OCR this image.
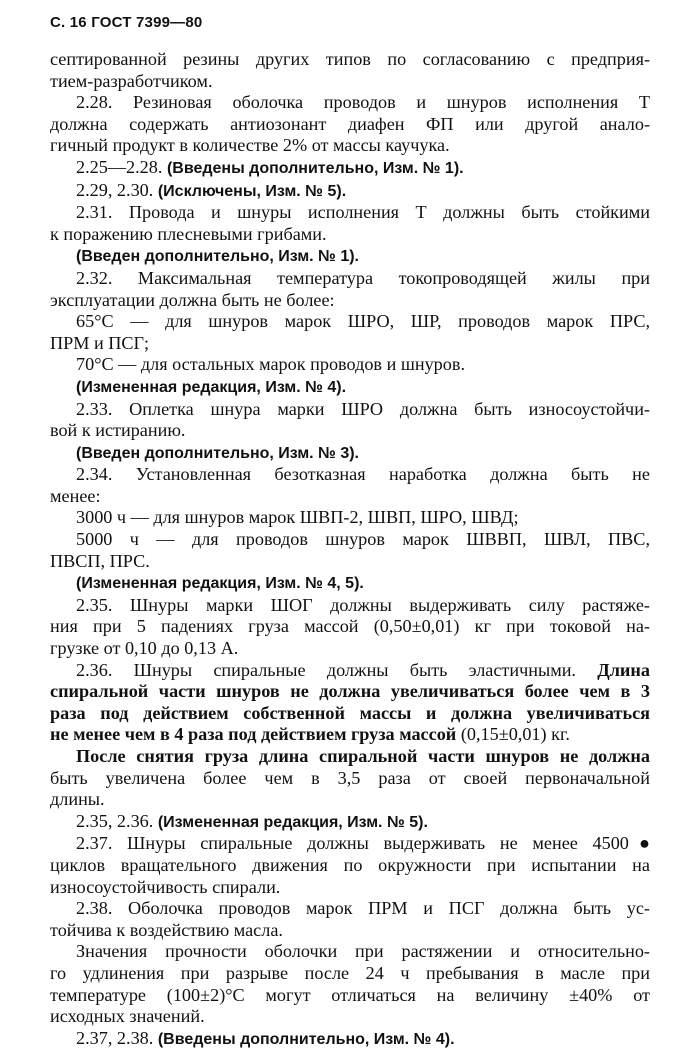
С. 16 ГОСТ 7399—80

септированной резины других типов по согласованию с предприя-

тием-разработчиком.

2.28. Резиновая оболочка проводов и шнуров исполнения Т

должна содержать антиозонант диафен ФП или другой анало-

гичный продукт в количестве 2% от массы каучука.

2.25—2.28. (Введены дополнительно, Изм. № 1).

2.29, 2.30. (Исключены, Изм. № 5).

2.31. Провода и шнуры исполнения Т должны быть стойкими

к поражению плесневыми грибами.

(Введен дополнительно, Изм. № 1).

2.32. Максимальная температура токопроводящей жилы при

эксплуатации должна быть не более:

65°С — для шнуров марок ШРО, ШР, проводов марок ПРС,

ПРМ и ПСГ;

70°С — для остальных марок проводов и шнуров.

(Измененная редакция, Изм. № 4).

2.33. Оплетка шнура марки ШРО должна быть износоустойчи-

вой к истиранию.

(Введен дополнительно, Изм. № 3).

2.34. Установленная безотказная наработка должна быть не

менее:

3000 ч — для шнуров марок ШВП-2, ШВП, ШРО, ШВД;

5000 ч — для проводов шнуров марок ШВВП, ШВЛ, ПВС,

ПВСП, ПРС.

(Измененная редакция, Изм. № 4, 5).

2.35. Шнуры марки ШОГ должны выдерживать силу растяже-

ния при 5 падениях груза массой (0,50±0,01) кг при токовой на-

грузке от 0,10 до 0,13 А.

2.36. Шнуры спиральные должны быть эластичными. Длина

спиральной части шнуров не должна увеличиваться более чем в 3

раза под действием собственной массы и должна увеличиваться

не менее чем в 4 раза под действием груза массой (0,15±0,01) кг.

После снятия груза длина спиральной части шнуров не должна

быть увеличена более чем в 3,5 раза от своей первоначальной

длины.

2.35, 2.36. (Измененная редакция, Изм. № 5).

2.37. Шнуры спиральные должны выдерживать не менее 4500●

циклов вращательного движения по окружности при испытании на

износоустойчивость спирали.

2.38. Оболочка проводов марок ПРМ и ПСГ должна быть ус-

тойчива к воздействию масла.

Значения прочности оболочки при растяжении и относительно-

го удлинения при разрыве после 24 ч пребывания в масле при

температуре (100±2)°С могут отличаться на величину ±40% от

исходных значений.

2.37, 2.38. (Введены дополнительно, Изм. № 4).
